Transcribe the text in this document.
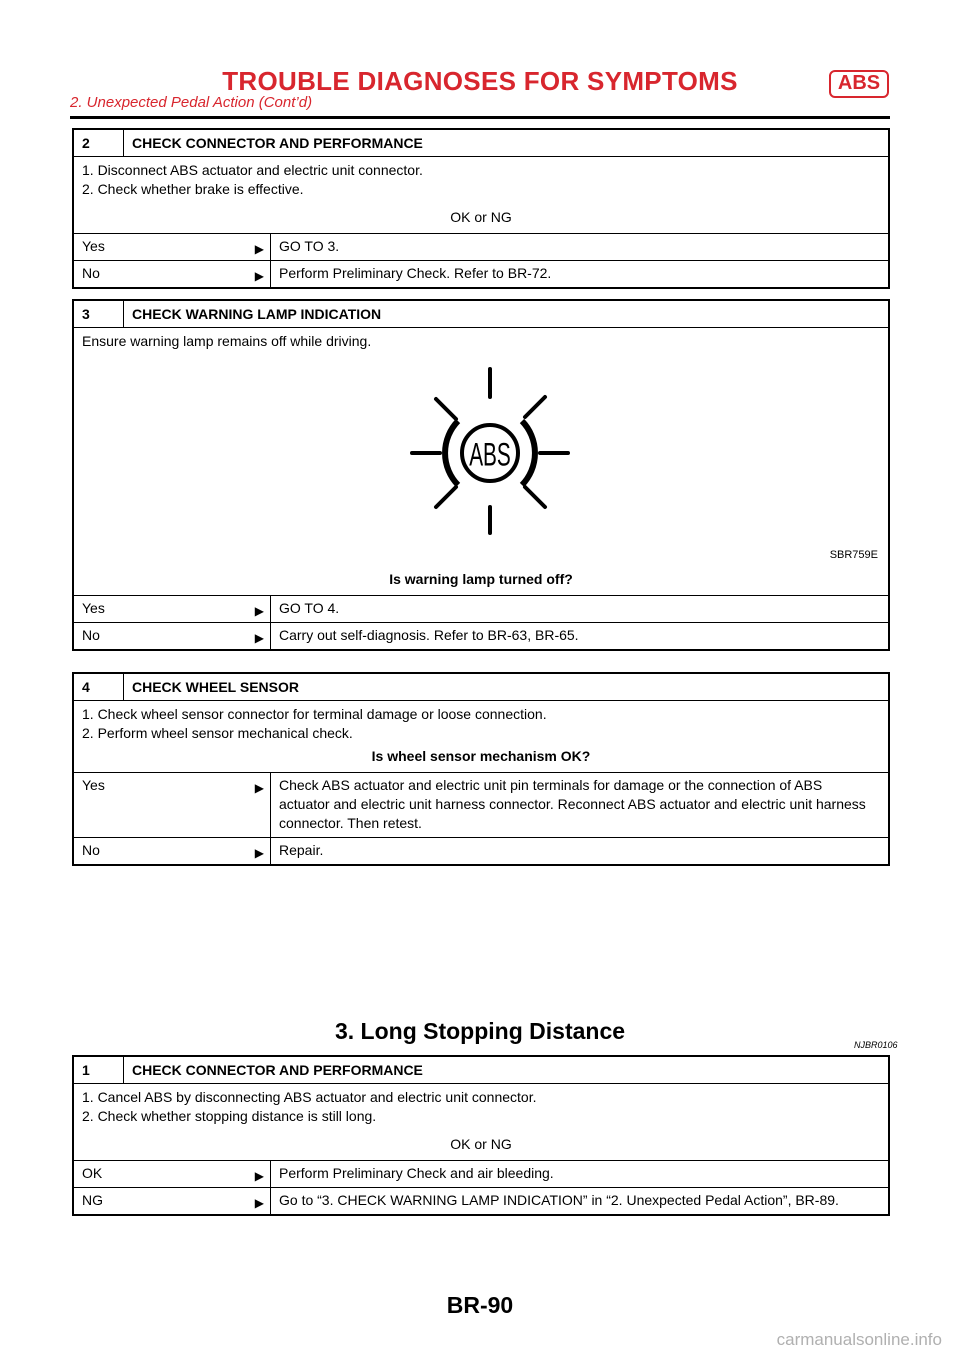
TROUBLE DIAGNOSES FOR SYMPTOMS	ABS
2. Unexpected Pedal Action (Cont’d)
2	CHECK CONNECTOR AND PERFORMANCE
1. Disconnect ABS actuator and electric unit connector.
2. Check whether brake is effective.
OK or NG
Yes	▶	GO TO 3.
No	▶	Perform Preliminary Check. Refer to BR-72.
3	CHECK WARNING LAMP INDICATION
Ensure warning lamp remains off while driving.
ABS
SBR759E
Is warning lamp turned off?
Yes	▶	GO TO 4.
No	▶	Carry out self-diagnosis. Refer to BR-63, BR-65.
4	CHECK WHEEL SENSOR
1. Check wheel sensor connector for terminal damage or loose connection.
2. Perform wheel sensor mechanical check.
Is wheel sensor mechanism OK?
Yes	▶	Check ABS actuator and electric unit pin terminals for damage or the connection of ABS actuator and electric unit harness connector. Reconnect ABS actuator and electric unit harness connector. Then retest.
No	▶	Repair.
3. Long Stopping Distance
NJBR0106
1	CHECK CONNECTOR AND PERFORMANCE
1. Cancel ABS by disconnecting ABS actuator and electric unit connector.
2. Check whether stopping distance is still long.
OK or NG
OK	▶	Perform Preliminary Check and air bleeding.
NG	▶	Go to “3. CHECK WARNING LAMP INDICATION” in “2. Unexpected Pedal Action”, BR-89.
BR-90
carmanualsonline.info
